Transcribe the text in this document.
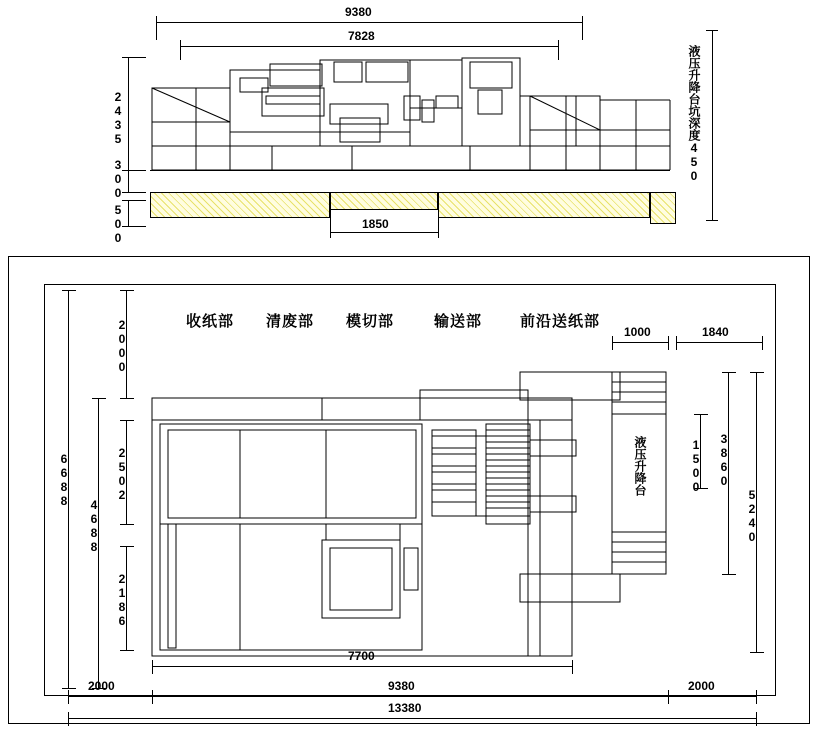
9380
7828
2435
300
500	1850
液压升降台坑深度450
收纸部 清废部 模切部	输送部	前沿送纸部
液压升降台
6688
4688
2000
2502
2186
1500 3860
5240
1000	1840
7700
9380
2000	2000
13380
